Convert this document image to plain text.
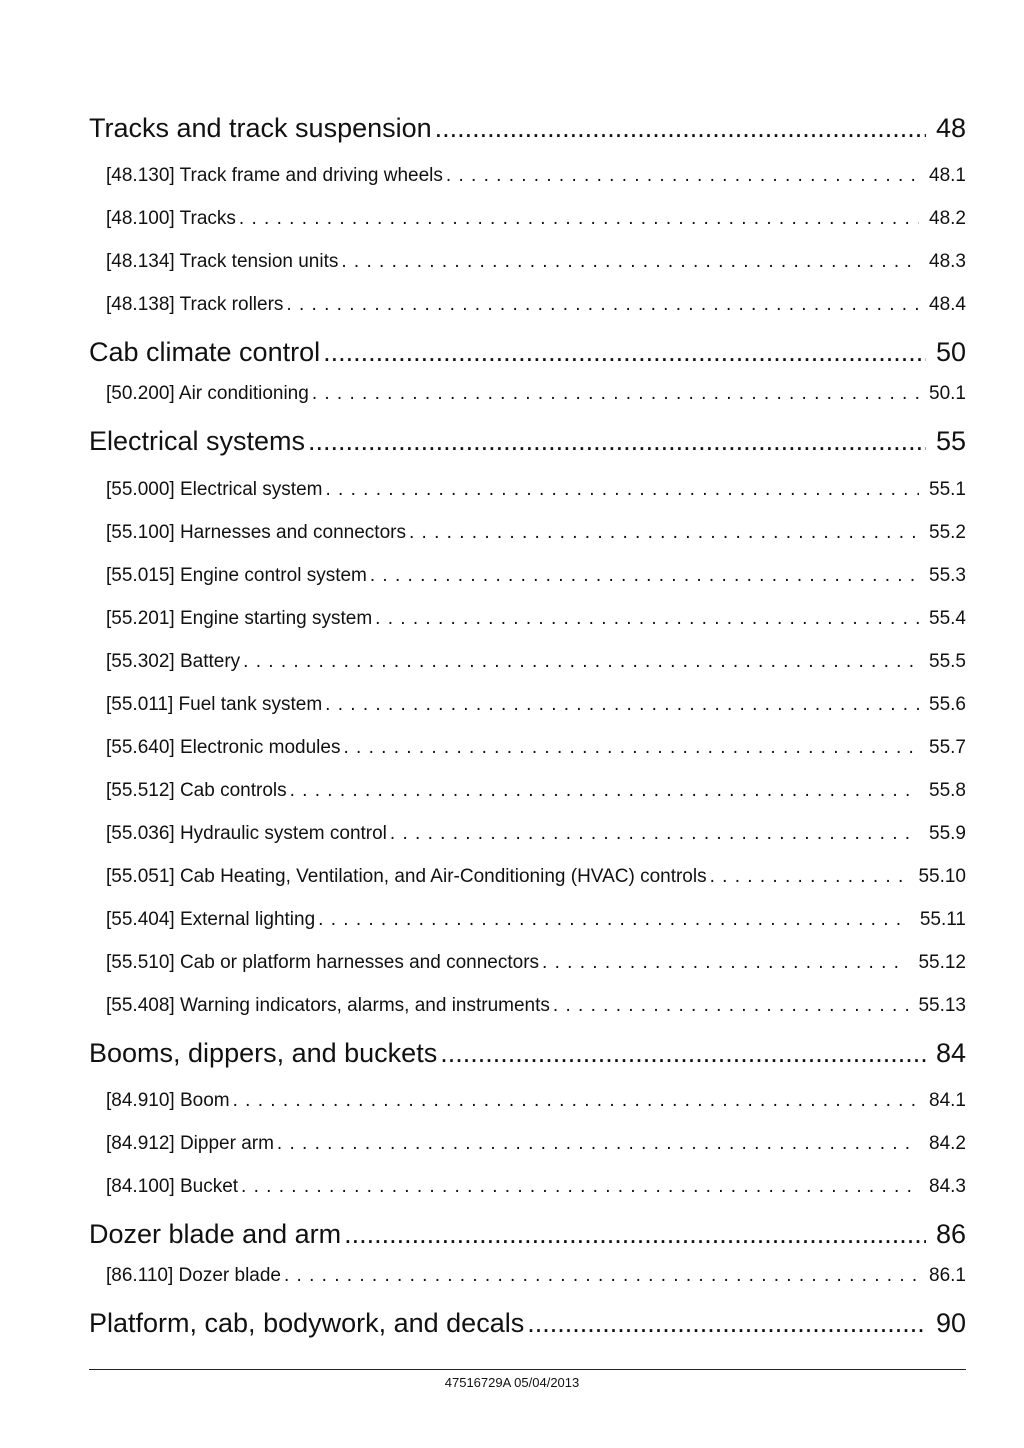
Tracks and track suspension .....	48
[48.130] Track frame and driving wheels . . .	48.1
[48.100] Tracks . . .	48.2
[48.134] Track tension units . . .	48.3
[48.138] Track rollers . . .	48.4
Cab climate control .....	50
[50.200] Air conditioning . . .	50.1
Electrical systems .....	55
[55.000] Electrical system . . .	55.1
[55.100] Harnesses and connectors . . .	55.2
[55.015] Engine control system . . .	55.3
[55.201] Engine starting system . . .	55.4
[55.302] Battery . . .	55.5
[55.011] Fuel tank system . . .	55.6
[55.640] Electronic modules . . .	55.7
[55.512] Cab controls . . .	55.8
[55.036] Hydraulic system control . . .	55.9
[55.051] Cab Heating, Ventilation, and Air-Conditioning (HVAC) controls . . .	55.10
[55.404] External lighting . . .	55.11
[55.510] Cab or platform harnesses and connectors . . .	55.12
[55.408] Warning indicators, alarms, and instruments . . .	55.13
Booms, dippers, and buckets .....	84
[84.910] Boom . . .	84.1
[84.912] Dipper arm . . .	84.2
[84.100] Bucket . . .	84.3
Dozer blade and arm .....	86
[86.110] Dozer blade . . .	86.1
Platform, cab, bodywork, and decals .....	90
47516729A 05/04/2013
